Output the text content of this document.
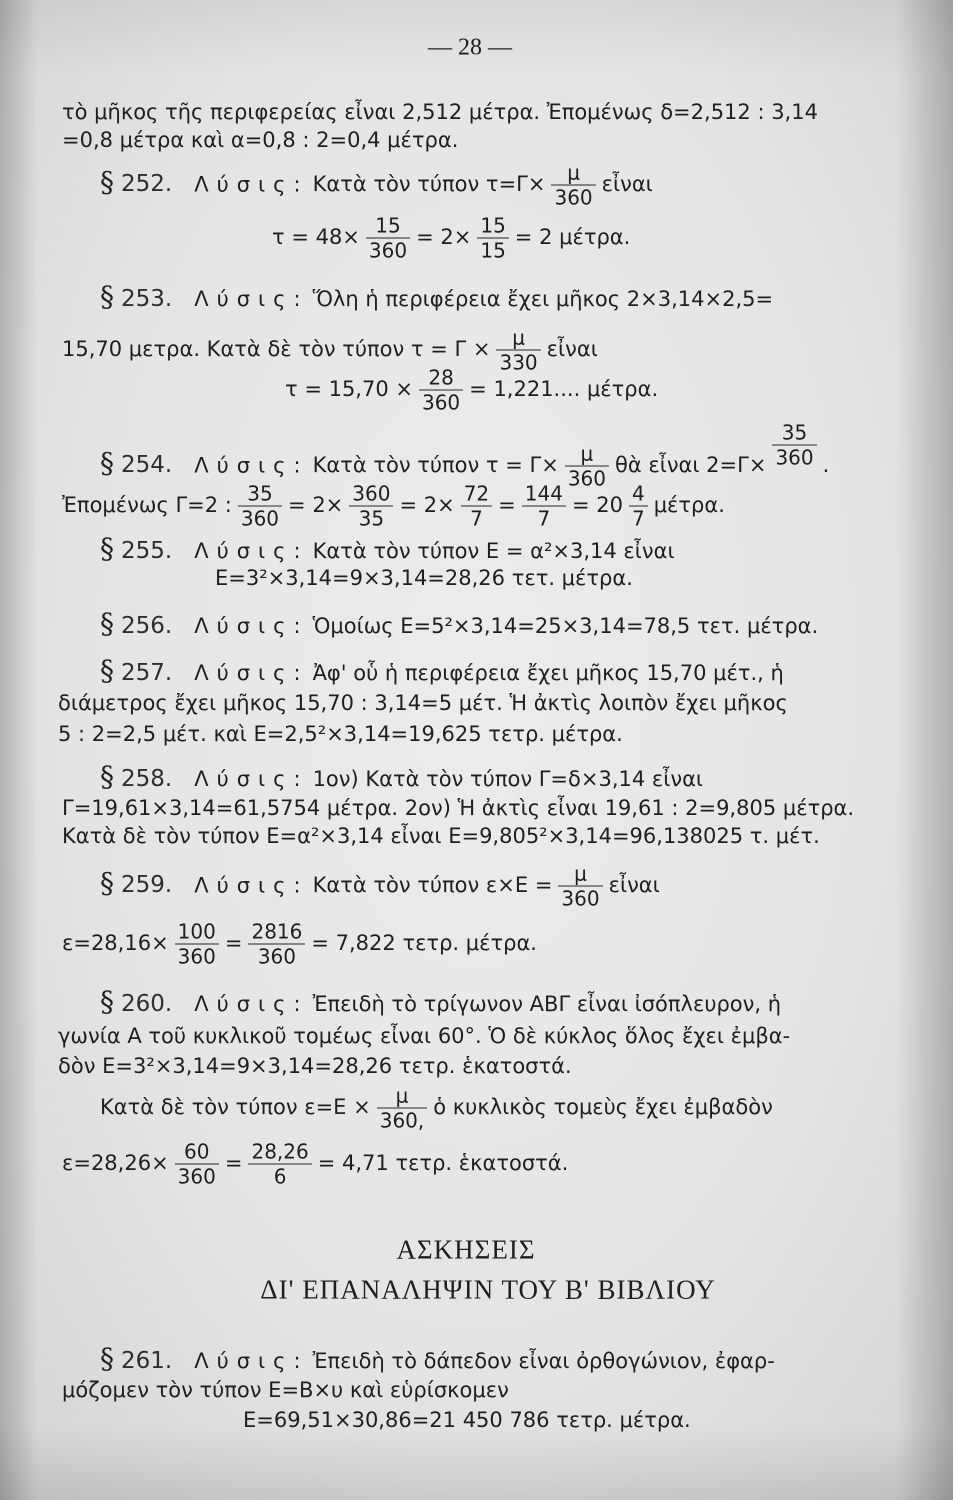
— 28 —
τὸ μῆκος τῆς περιφερείας εἶναι 2,512 μέτρα. Ἐπομένως δ=2,512 : 3,14
=0,8 μέτρα καὶ α=0,8 : 2=0,4 μέτρα.
§ 252. Λύσις: Κατὰ τὸν τύπον $\tau=\Gamma\times \frac{\mu}{360}$ εἶναι
$\tau = 48\times \frac{15}{360} = 2\times \frac{15}{15} = 2$ μέτρα.
§ 253. Λύσις: Ὅλη ἡ περιφέρεια ἔχει μῆκος 2×3,14×2,5=
15,70 μετρα. Κατὰ δὲ τὸν τύπον $\tau = \Gamma \times \frac{\mu}{330}$ εἶναι
$\tau = 15,70 \times \frac{28}{360} = 1,221$.... μέτρα.
§ 254. Λύσις: Κατὰ τὸν τύπον $\tau = \Gamma\times \frac{\mu}{360}$ θὰ εἶναι $2=\Gamma\times \frac{35}{360}$ .
Ἐπομένως Γ=2 : $\frac{35}{360} = 2\times \frac{360}{35} = 2\times \frac{72}{7} = \frac{144}{7} = 20 \frac{4}{7} \mu έ\tau\rho\alpha$.
§ 255. Λύσις: Κατὰ τὸν τύπον Ε = α²×3,14 εἶναι
Ε=3²×3,14=9×3,14=28,26 τετ. μέτρα.
§ 256. Λύσις: Ὁμοίως Ε=5²×3,14=25×3,14=78,5 τετ. μέτρα.
§ 257. Λύσις: Ἀφ' οὗ ἡ περιφέρεια ἔχει μῆκος 15,70 μέτ., ἡ
διάμετρος ἔχει μῆκος 15,70 : 3,14=5 μέτ. Ἡ ἀκτὶς λοιπὸν ἔχει μῆκος
5 : 2=2,5 μέτ. καὶ Ε=2,5²×3,14=19,625 τετρ. μέτρα.
§ 258. Λύσις: 1ον) Κατὰ τὸν τύπον Γ=δ×3,14 εἶναι
Γ=19,61×3,14=61,5754 μέτρα. 2ον) Ἡ ἀκτὶς εἶναι 19,61 : 2=9,805 μέτρα.
Κατὰ δὲ τὸν τύπον Ε=α²×3,14 εἶναι Ε=9,805²×3,14=96,138025 τ. μέτ.
§ 259. Λύσις: Κατὰ τὸν τύπον $\varepsilon\times E = \frac{\mu}{360}$ εἶναι
$\varepsilon=28,16\times \frac{100}{360} = \frac{2816}{360} = 7,822$ τετρ. μέτρα.
§ 260. Λύσις: Ἐπειδὴ τὸ τρίγωνον ΑΒΓ εἶναι ἰσόπλευρον, ἡ
γωνία Α τοῦ κυκλικοῦ τομέως εἶναι 60°. Ὁ δὲ κύκλος ὅλος ἔχει ἐμβα-
δὸν Ε=3²×3,14=9×3,14=28,26 τετρ. ἑκατοστά.
Κατὰ δὲ τὸν τύπον $\varepsilon=E \times \frac{\mu}{360,}$ ὁ κυκλικὸς τομεὺς ἔχει ἐμβαδὸν
$\varepsilon=28,26\times \frac{60}{360} = \frac{28,26}{6} = 4,71$ τετρ. ἑκατοστά.
ΑΣΚΗΣΕΙΣ
ΔΙ' ΕΠΑΝΑΛΗΨΙΝ ΤΟΥ Β' ΒΙΒΛΙΟΥ
§ 261. Λύσις: Ἐπειδὴ τὸ δάπεδον εἶναι ὀρθογώνιον, ἐφαρ-
μόζομεν τὸν τύπον Ε=Β×υ καὶ εὑρίσκομεν
Ε=69,51×30,86=21 450 786 τετρ. μέτρα.
